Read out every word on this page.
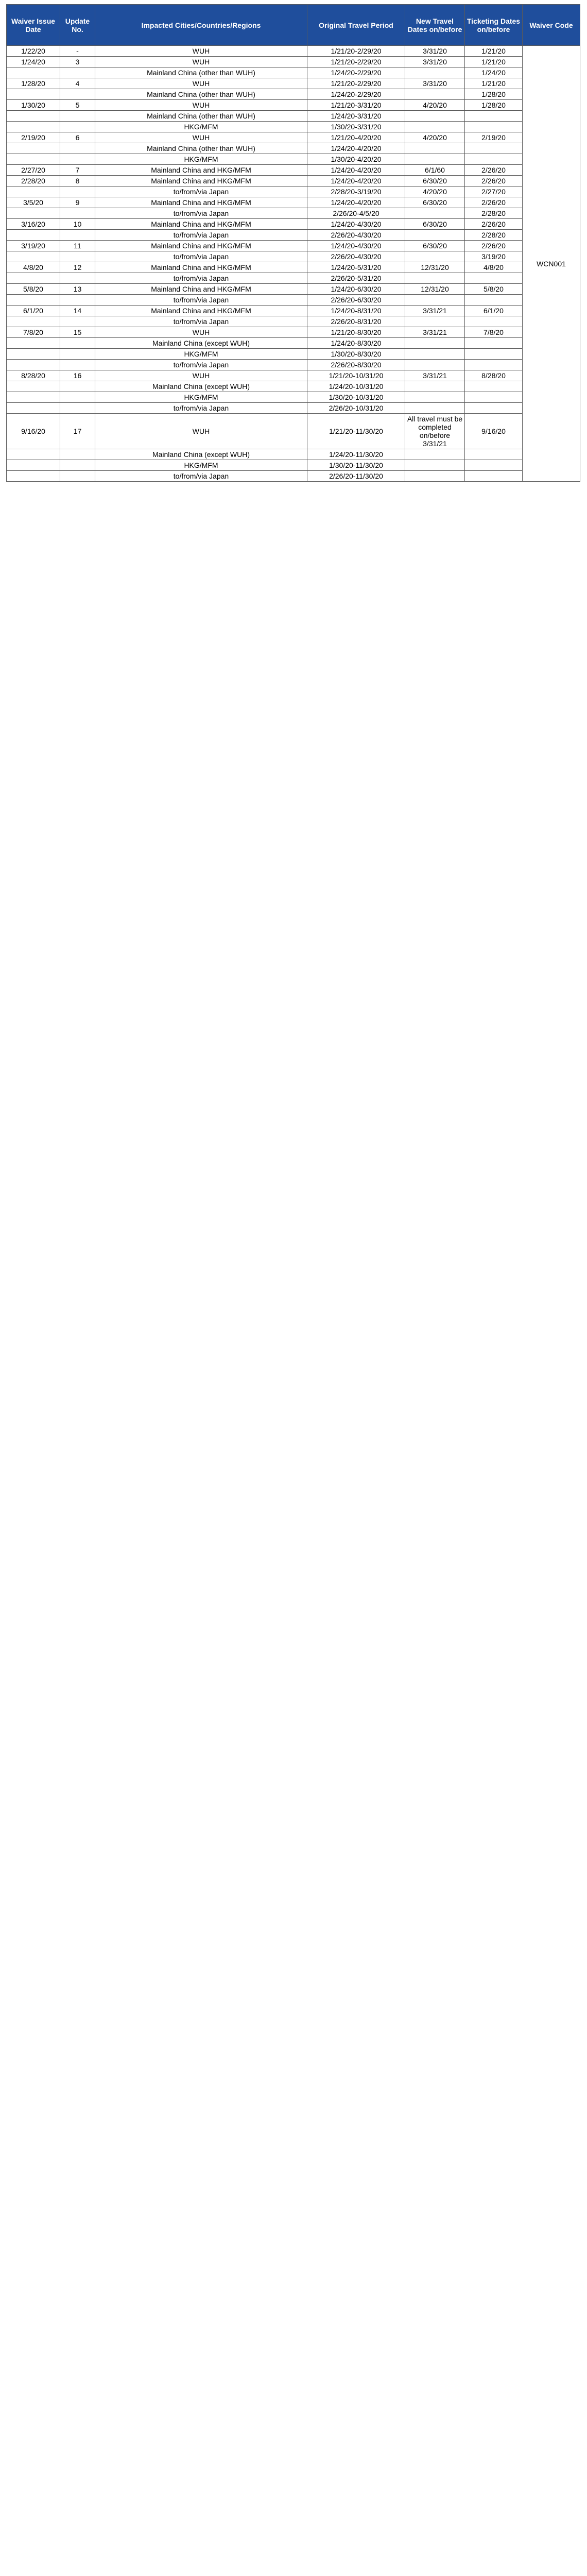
Waiver Issue Date	Update No.	Impacted Cities/Countries/Regions	Original Travel Period	New Travel Dates on/before	Ticketing Dates on/before	Waiver Code
1/22/20	-	WUH	1/21/20-2/29/20	3/31/20	1/21/20	WCN001
1/24/20	3	WUH	1/21/20-2/29/20	3/31/20	1/21/20	
		Mainland China (other than WUH)	1/24/20-2/29/20		1/24/20	
1/28/20	4	WUH	1/21/20-2/29/20	3/31/20	1/21/20	
		Mainland China (other than WUH)	1/24/20-2/29/20		1/28/20	
1/30/20	5	WUH	1/21/20-3/31/20	4/20/20	1/28/20	
		Mainland China (other than WUH)	1/24/20-3/31/20			
		HKG/MFM	1/30/20-3/31/20			
2/19/20	6	WUH	1/21/20-4/20/20	4/20/20	2/19/20	
		Mainland China (other than WUH)	1/24/20-4/20/20			
		HKG/MFM	1/30/20-4/20/20			
2/27/20	7	Mainland China and HKG/MFM	1/24/20-4/20/20	6/1/60	2/26/20	
2/28/20	8	Mainland China and HKG/MFM	1/24/20-4/20/20	6/30/20	2/26/20	
		to/from/via Japan	2/28/20-3/19/20	4/20/20	2/27/20	
3/5/20	9	Mainland China and HKG/MFM	1/24/20-4/20/20	6/30/20	2/26/20	
		to/from/via Japan	2/26/20-4/5/20		2/28/20	
3/16/20	10	Mainland China and HKG/MFM	1/24/20-4/30/20	6/30/20	2/26/20	
		to/from/via Japan	2/26/20-4/30/20		2/28/20	
3/19/20	11	Mainland China and HKG/MFM	1/24/20-4/30/20	6/30/20	2/26/20	
		to/from/via Japan	2/26/20-4/30/20		3/19/20	
4/8/20	12	Mainland China and HKG/MFM	1/24/20-5/31/20	12/31/20	4/8/20	
		to/from/via Japan	2/26/20-5/31/20			
5/8/20	13	Mainland China and HKG/MFM	1/24/20-6/30/20	12/31/20	5/8/20	
		to/from/via Japan	2/26/20-6/30/20			
6/1/20	14	Mainland China and HKG/MFM	1/24/20-8/31/20	3/31/21	6/1/20	
		to/from/via Japan	2/26/20-8/31/20			
7/8/20	15	WUH	1/21/20-8/30/20	3/31/21	7/8/20	
		Mainland China (except WUH)	1/24/20-8/30/20			
		HKG/MFM	1/30/20-8/30/20			
		to/from/via Japan	2/26/20-8/30/20			
8/28/20	16	WUH	1/21/20-10/31/20	3/31/21	8/28/20	
		Mainland China (except WUH)	1/24/20-10/31/20			
		HKG/MFM	1/30/20-10/31/20			
		to/from/via Japan	2/26/20-10/31/20			
9/16/20	17	WUH	1/21/20-11/30/20	All travel must be completed on/before 3/31/21	9/16/20	
		Mainland China (except WUH)	1/24/20-11/30/20			
		HKG/MFM	1/30/20-11/30/20			
		to/from/via Japan	2/26/20-11/30/20			
